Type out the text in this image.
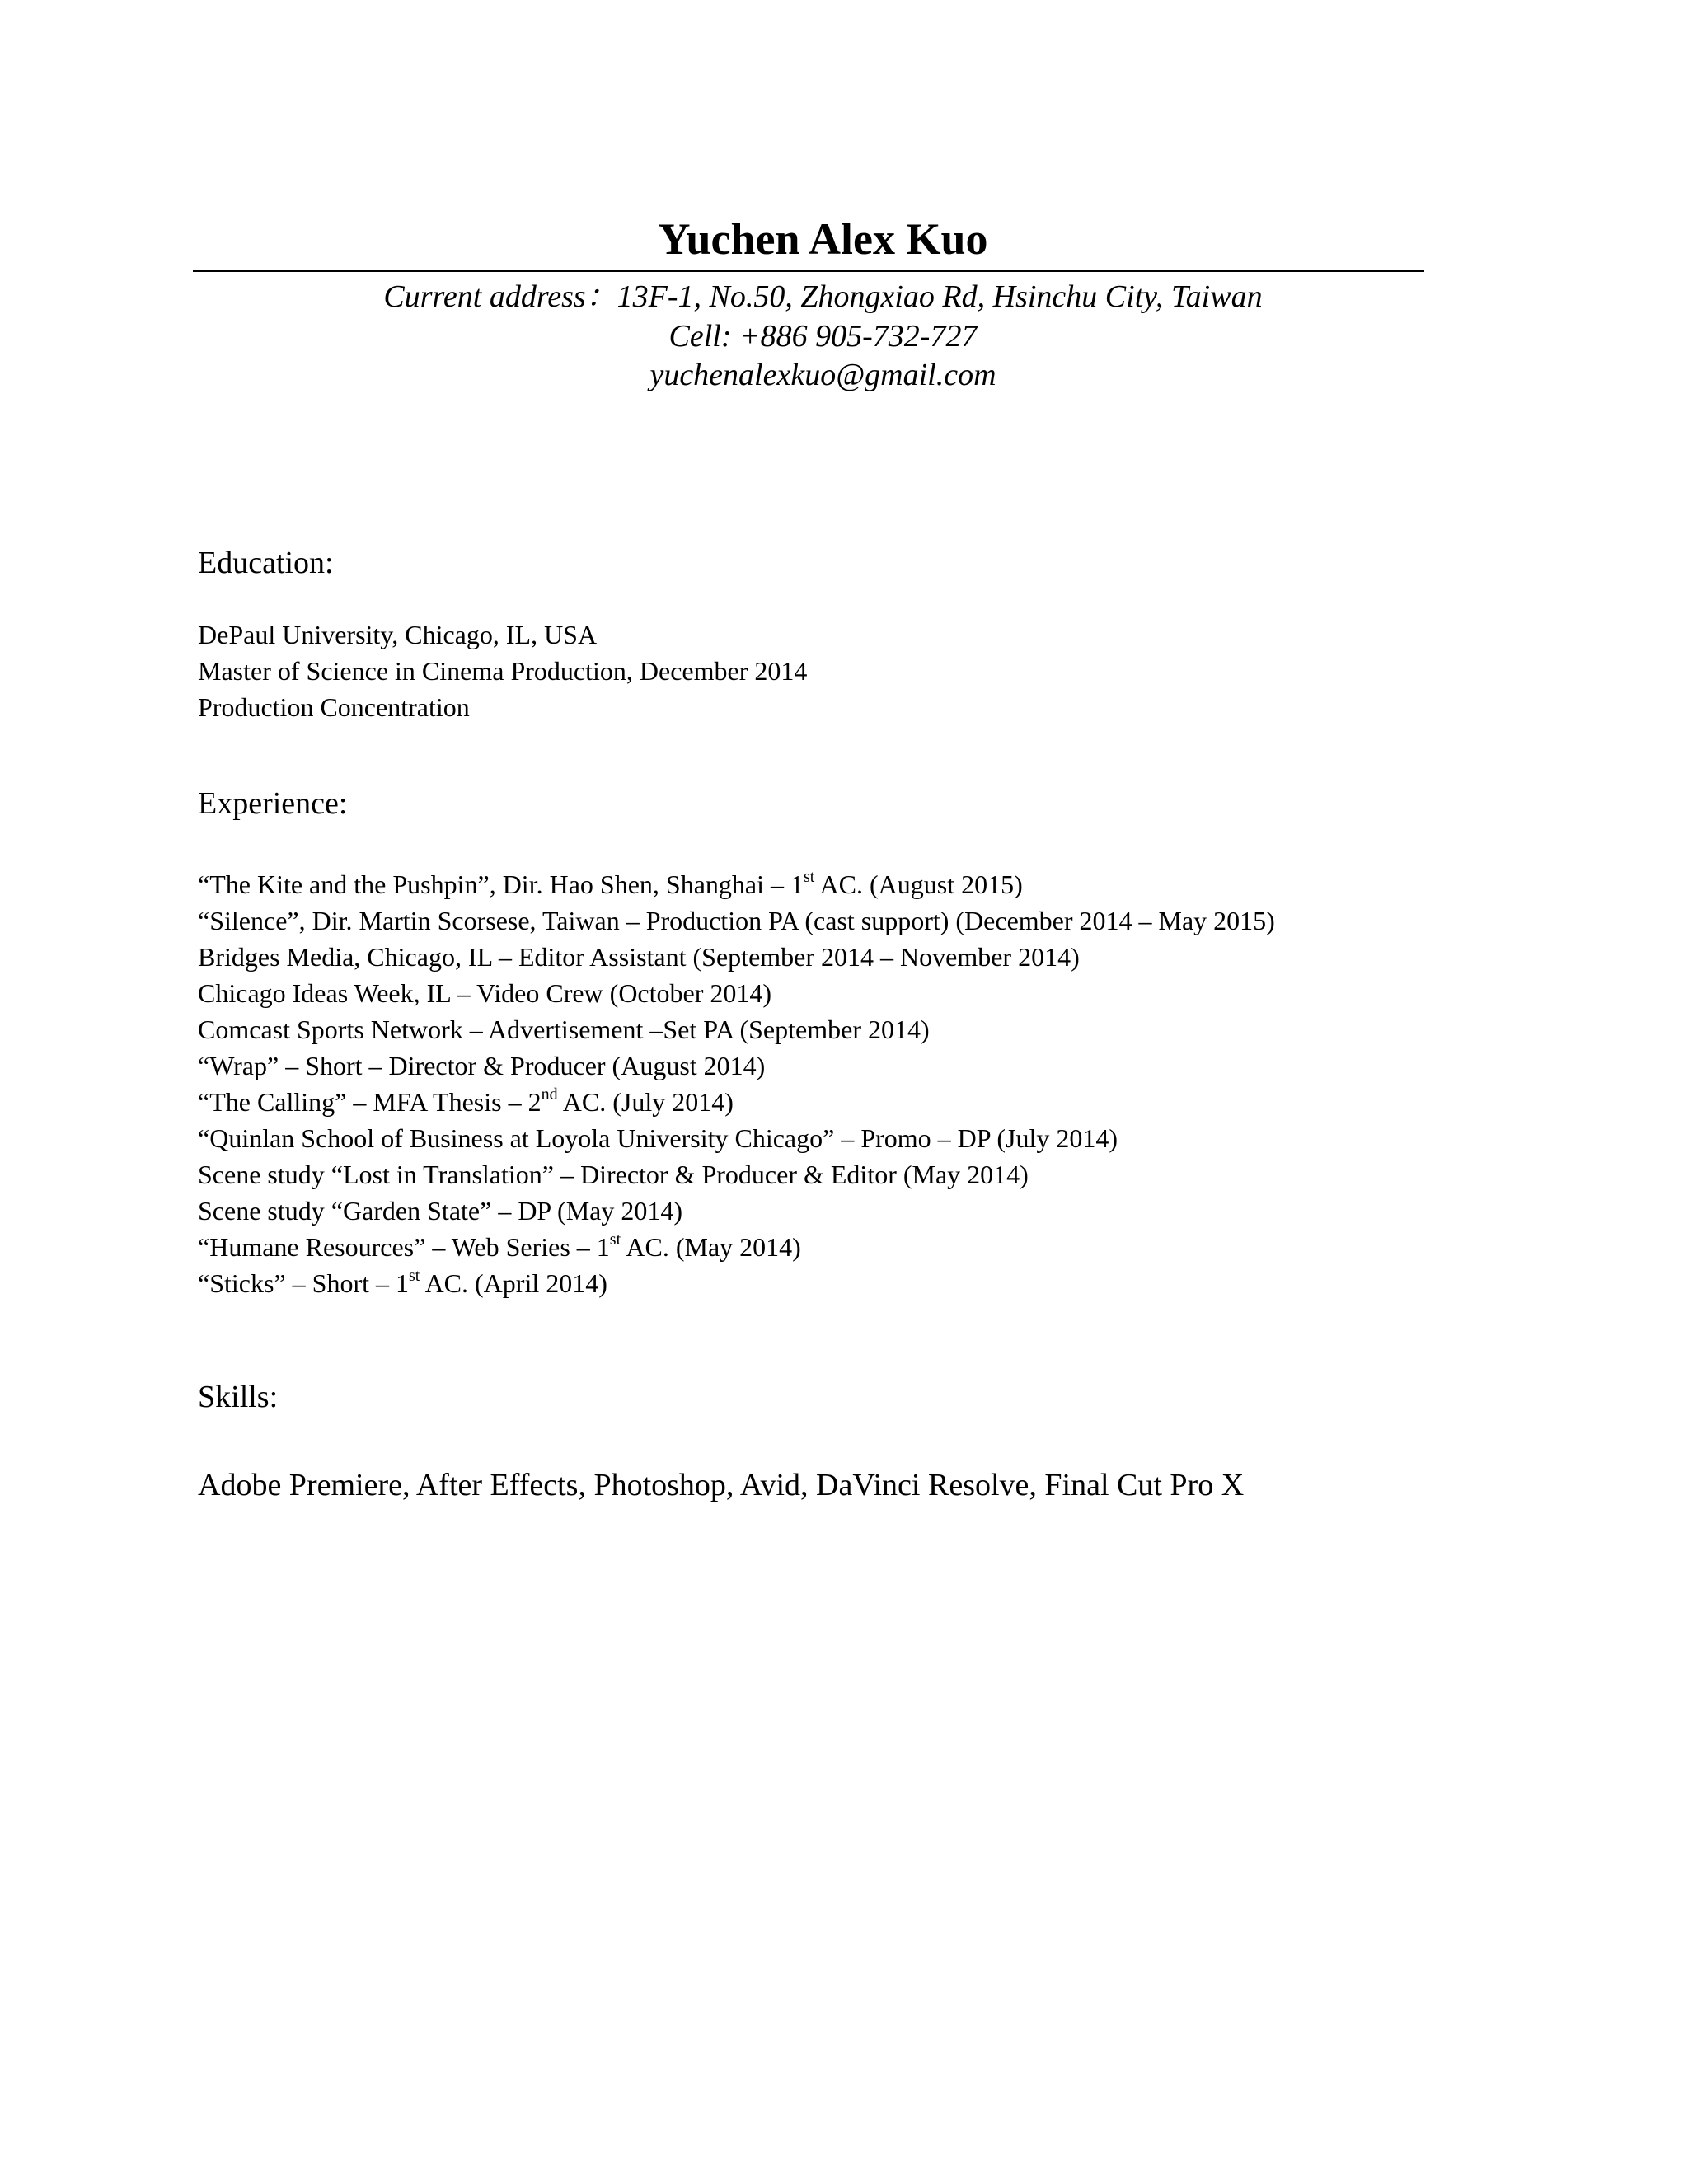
Yuchen Alex Kuo
Current address：13F-1, No.50, Zhongxiao Rd, Hsinchu City, Taiwan
Cell: +886 905-732-727
yuchenalexkuo@gmail.com
Education:
DePaul University, Chicago, IL, USA
Master of Science in Cinema Production, December 2014
Production Concentration
Experience:
“The Kite and the Pushpin”, Dir. Hao Shen, Shanghai – 1st AC. (August 2015)
“Silence”, Dir. Martin Scorsese, Taiwan – Production PA (cast support) (December 2014 – May 2015)
Bridges Media, Chicago, IL – Editor Assistant (September 2014 – November 2014)
Chicago Ideas Week, IL – Video Crew (October 2014)
Comcast Sports Network – Advertisement –Set PA (September 2014)
“Wrap” – Short – Director & Producer (August 2014)
“The Calling” – MFA Thesis – 2nd AC. (July 2014)
“Quinlan School of Business at Loyola University Chicago” – Promo – DP (July 2014)
Scene study “Lost in Translation” – Director & Producer & Editor (May 2014)
Scene study “Garden State” – DP (May 2014)
“Humane Resources” – Web Series – 1st AC. (May 2014)
“Sticks” – Short – 1st AC. (April 2014)
Skills:
Adobe Premiere, After Effects, Photoshop, Avid, DaVinci Resolve, Final Cut Pro X
